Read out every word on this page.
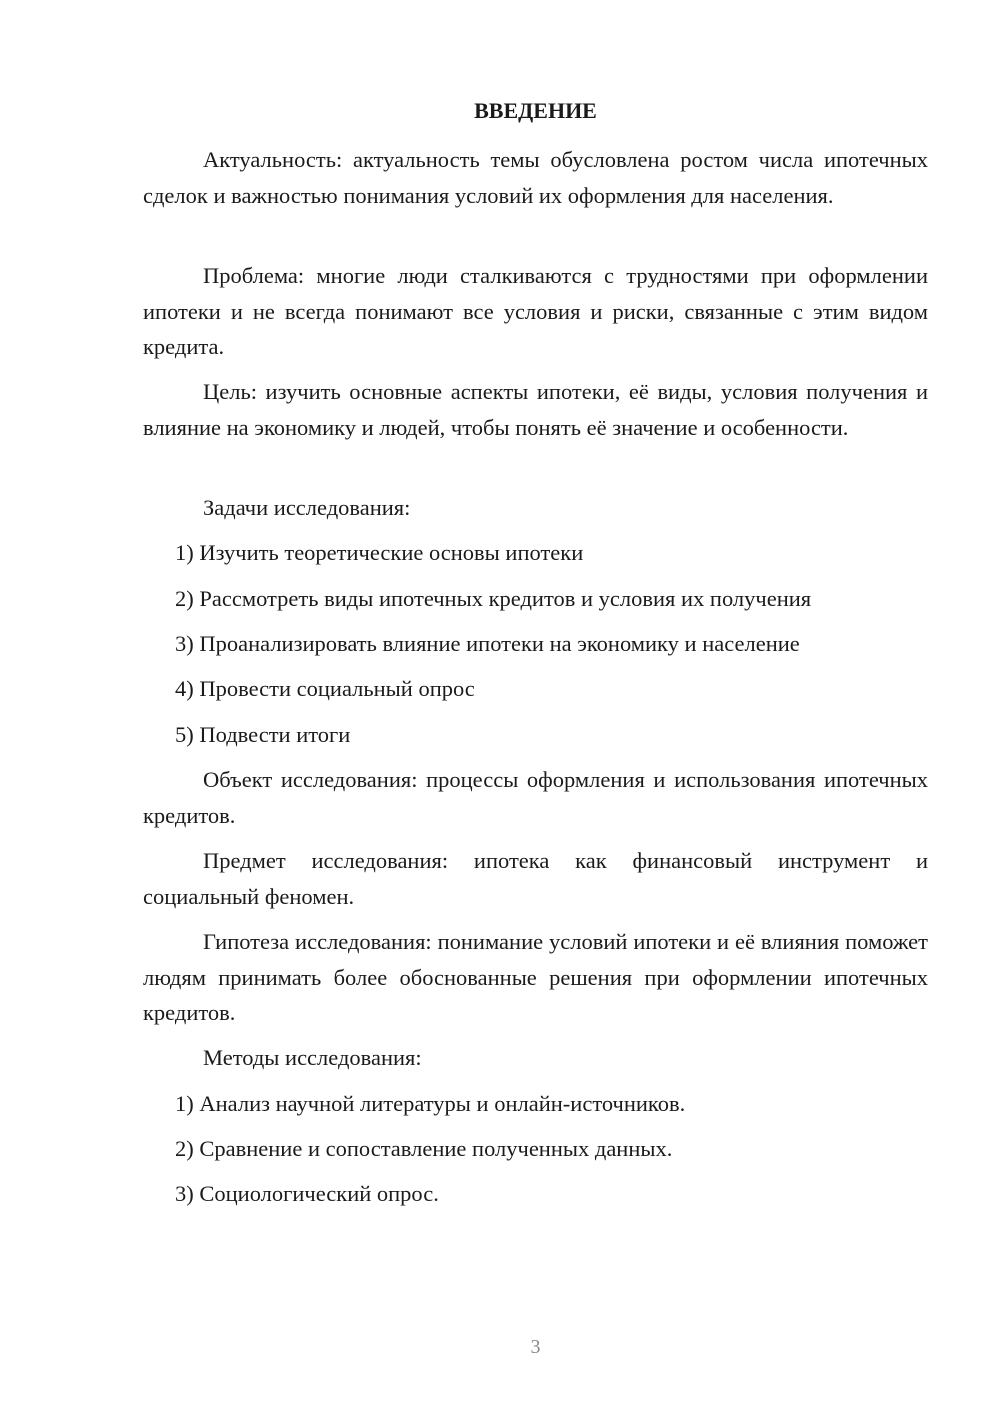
ВВЕДЕНИЕ

Актуальность: актуальность темы обусловлена ростом числа ипотечных сделок и важностью понимания условий их оформления для населения.

Проблема: многие люди сталкиваются с трудностями при оформлении ипотеки и не всегда понимают все условия и риски, связанные с этим видом кредита.

Цель: изучить основные аспекты ипотеки, её виды, условия получения и влияние на экономику и людей, чтобы понять её значение и особенности.

Задачи исследования:

1) Изучить теоретические основы ипотеки

2) Рассмотреть виды ипотечных кредитов и условия их получения

3) Проанализировать влияние ипотеки на экономику и население

4) Провести социальный опрос

5) Подвести итоги

Объект исследования: процессы оформления и использования ипотечных кредитов.

Предмет исследования: ипотека как финансовый инструмент и социальный феномен.

Гипотеза исследования: понимание условий ипотеки и её влияния поможет людям принимать более обоснованные решения при оформлении ипотечных кредитов.

Методы исследования:

1) Анализ научной литературы и онлайн-источников.

2) Сравнение и сопоставление полученных данных.

3) Социологический опрос.

3
